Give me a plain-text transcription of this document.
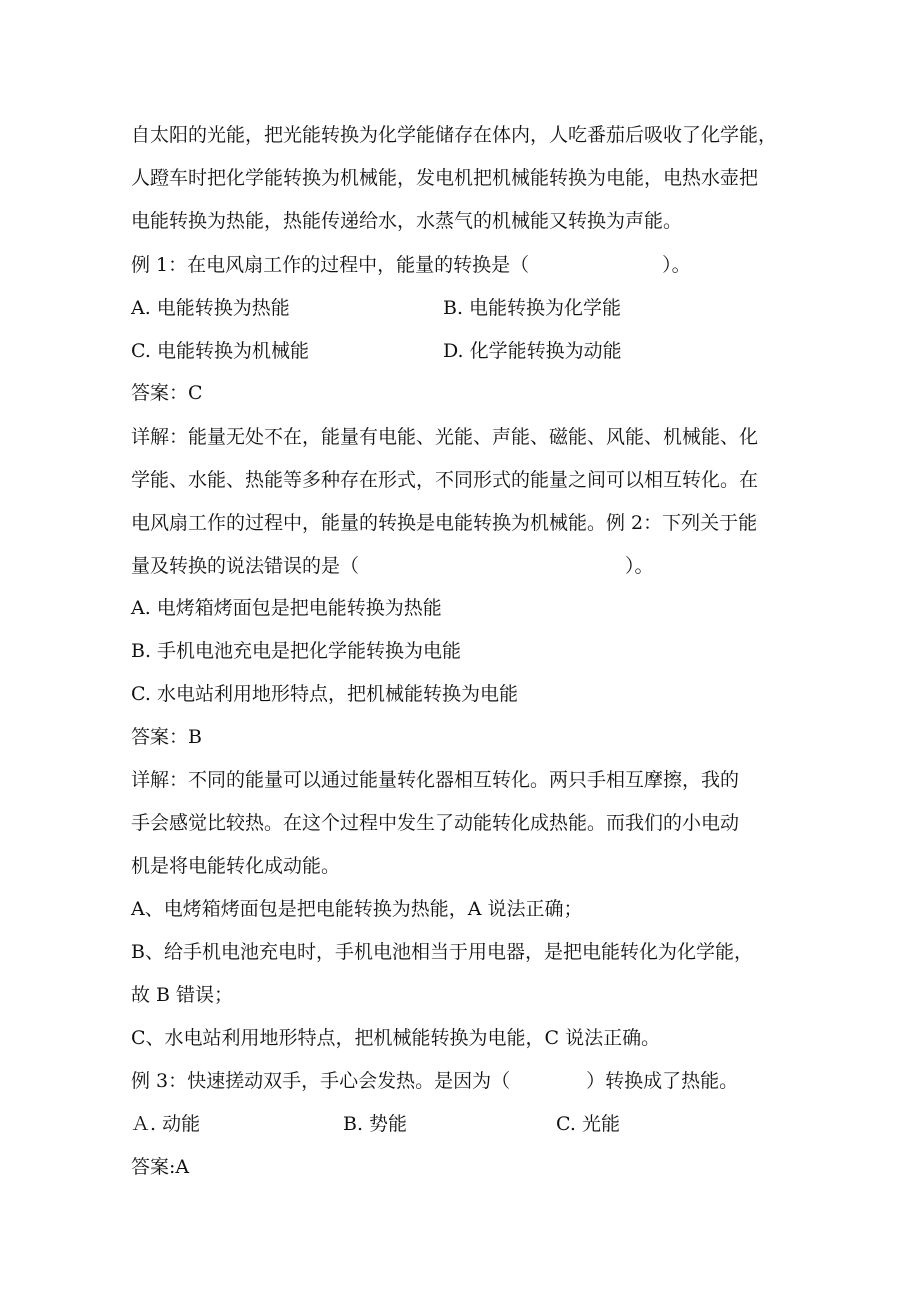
自太阳的光能，把光能转换为化学能储存在体内，人吃番茄后吸收了化学能，
人蹬车时把化学能转换为机械能，发电机把机械能转换为电能，电热水壶把
电能转换为热能，热能传递给水，水蒸气的机械能又转换为声能。
例 1：在电风扇工作的过程中，能量的转换是（　　　　　　　）。
A. 电能转换为热能	B. 电能转换为化学能
C. 电能转换为机械能	D. 化学能转换为动能
答案：C
详解：能量无处不在，能量有电能、光能、声能、磁能、风能、机械能、化
学能、水能、热能等多种存在形式，不同形式的能量之间可以相互转化。在
电风扇工作的过程中，能量的转换是电能转换为机械能。例 2：下列关于能
量及转换的说法错误的是（　　　　　　　　　　　　　　）。
A. 电烤箱烤面包是把电能转换为热能
B. 手机电池充电是把化学能转换为电能
C. 水电站利用地形特点，把机械能转换为电能
答案：B
详解：不同的能量可以通过能量转化器相互转化。两只手相互摩擦，我的
手会感觉比较热。在这个过程中发生了动能转化成热能。而我们的小电动
机是将电能转化成动能。
A、电烤箱烤面包是把电能转换为热能，A 说法正确；
B、给手机电池充电时，手机电池相当于用电器，是把电能转化为化学能，
故 B 错误；
C、水电站利用地形特点，把机械能转换为电能，C 说法正确。
例 3：快速搓动双手，手心会发热。是因为（　　　　）转换成了热能。
Ａ. 动能	B. 势能	C. 光能
答案:A
